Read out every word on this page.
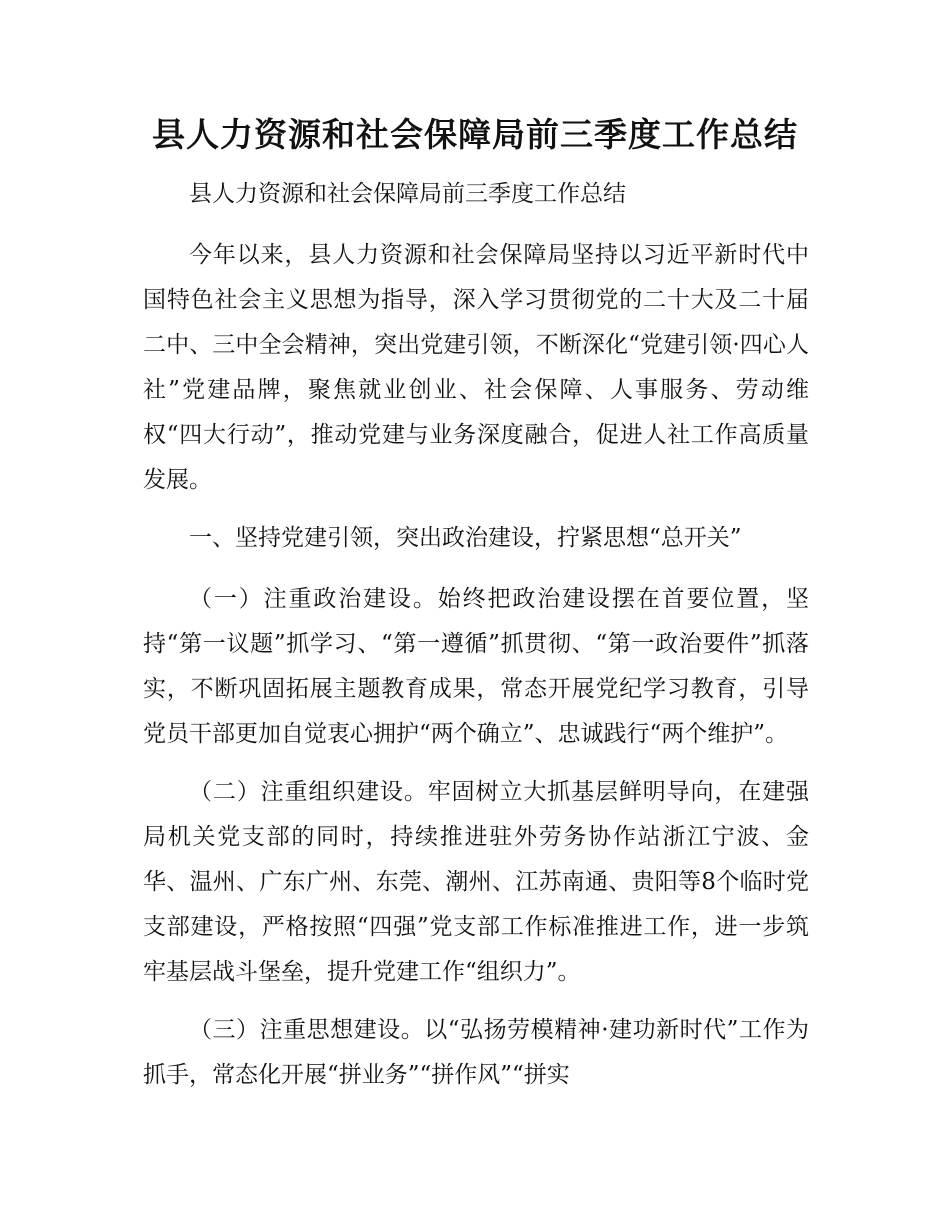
县人力资源和社会保障局前三季度工作总结

县人力资源和社会保障局前三季度工作总结

今年以来，县人力资源和社会保障局坚持以习近平新时代中国特色社会主义思想为指导，深入学习贯彻党的二十大及二十届二中、三中全会精神，突出党建引领，不断深化“党建引领·四心人社”党建品牌，聚焦就业创业、社会保障、人事服务、劳动维权“四大行动”，推动党建与业务深度融合，促进人社工作高质量发展。

一、坚持党建引领，突出政治建设，拧紧思想“总开关”

（一）注重政治建设。始终把政治建设摆在首要位置，坚持“第一议题”抓学习、“第一遵循”抓贯彻、“第一政治要件”抓落实，不断巩固拓展主题教育成果，常态开展党纪学习教育，引导党员干部更加自觉衷心拥护“两个确立”、忠诚践行“两个维护”。

（二）注重组织建设。牢固树立大抓基层鲜明导向，在建强局机关党支部的同时，持续推进驻外劳务协作站浙江宁波、金华、温州、广东广州、东莞、潮州、江苏南通、贵阳等8个临时党支部建设，严格按照“四强”党支部工作标准推进工作，进一步筑牢基层战斗堡垒，提升党建工作“组织力”。

（三）注重思想建设。以“弘扬劳模精神·建功新时代”工作为抓手，常态化开展“拼业务”“拼作风”“拼实
